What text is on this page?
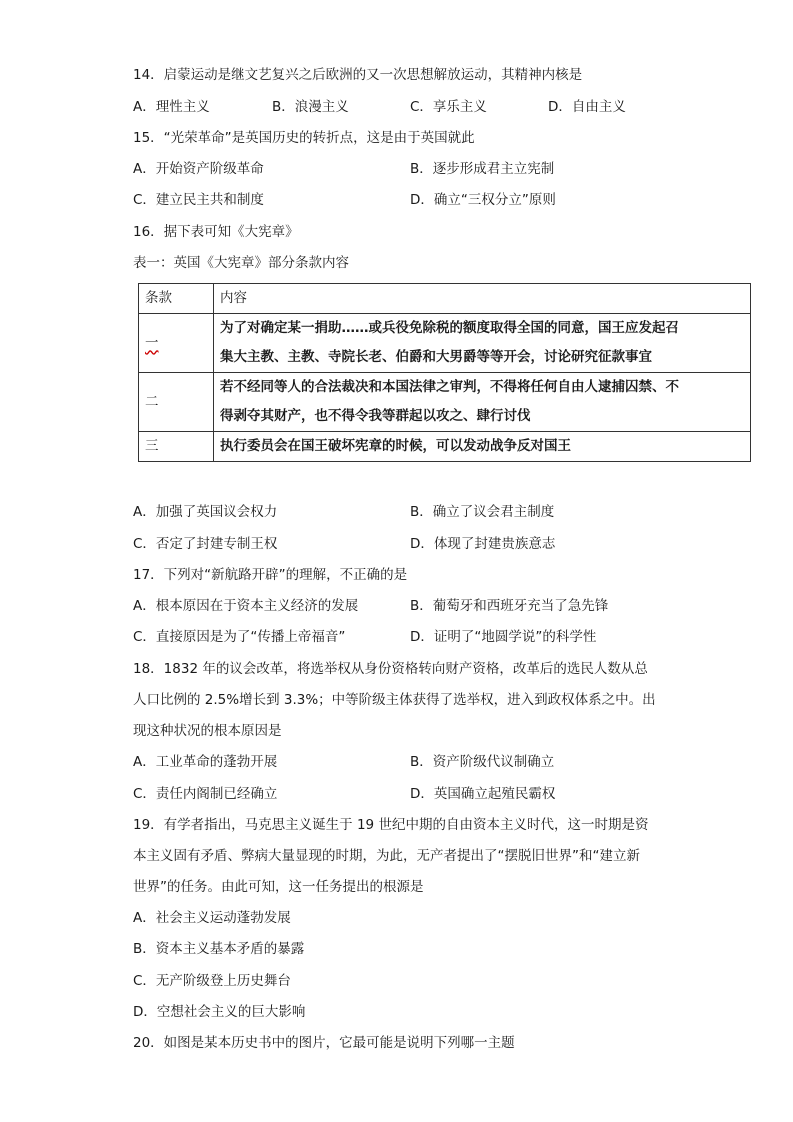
14．启蒙运动是继文艺复兴之后欧洲的又一次思想解放运动，其精神内核是
A．理性主义	B．浪漫主义	C．享乐主义	D．自由主义
15．“光荣革命”是英国历史的转折点，这是由于英国就此
A．开始资产阶级革命	B．逐步形成君主立宪制
C．建立民主共和制度	D．确立“三权分立”原则
16．据下表可知《大宪章》
表一：英国《大宪章》部分条款内容
条款	内容
一	为了对确定某一捐助……或兵役免除税的额度取得全国的同意，国王应发起召
集大主教、主教、寺院长老、伯爵和大男爵等等开会，讨论研究征款事宜

二	若不经同等人的合法裁决和本国法律之审判，不得将任何自由人逮捕囚禁、不
得剥夺其财产，也不得令我等群起以攻之、肆行讨伐

三	执行委员会在国王破坏宪章的时候，可以发动战争反对国王
A．加强了英国议会权力	B．确立了议会君主制度
C．否定了封建专制王权	D．体现了封建贵族意志
17．下列对“新航路开辟”的理解，不正确的是
A．根本原因在于资本主义经济的发展	B．葡萄牙和西班牙充当了急先锋
C．直接原因是为了“传播上帝福音”	D．证明了“地圆学说”的科学性
18．1832 年的议会改革，将选举权从身份资格转向财产资格，改革后的选民人数从总
人口比例的 2.5%增长到 3.3%；中等阶级主体获得了选举权，进入到政权体系之中。出
现这种状况的根本原因是
A．工业革命的蓬勃开展	B．资产阶级代议制确立
C．责任内阁制已经确立	D．英国确立起殖民霸权
19．有学者指出，马克思主义诞生于 19 世纪中期的自由资本主义时代，这一时期是资
本主义固有矛盾、弊病大量显现的时期，为此，无产者提出了“摆脱旧世界”和“建立新
世界”的任务。由此可知，这一任务提出的根源是
A．社会主义运动蓬勃发展
B．资本主义基本矛盾的暴露
C．无产阶级登上历史舞台
D．空想社会主义的巨大影响
20．如图是某本历史书中的图片，它最可能是说明下列哪一主题
